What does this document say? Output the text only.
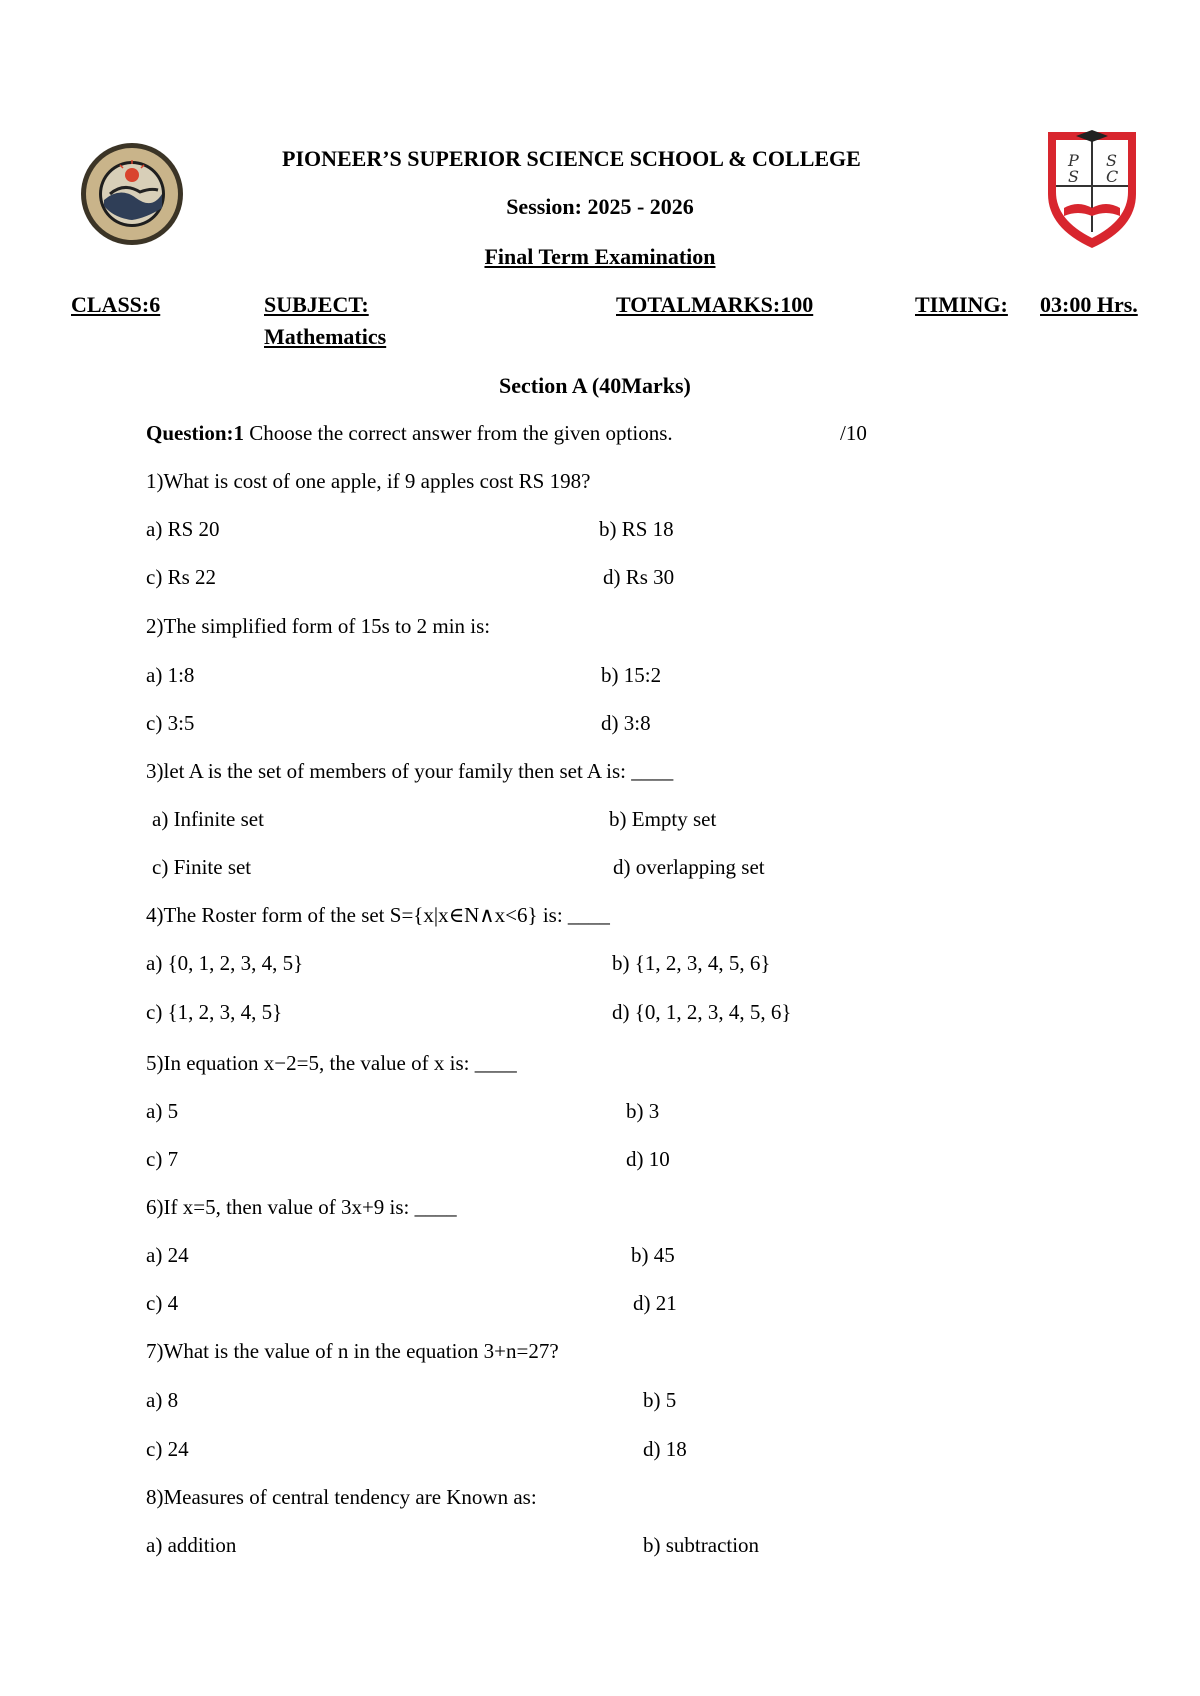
P S
S C
PIONEER’S SUPERIOR SCIENCE SCHOOL & COLLEGE
Session: 2025 - 2026
Final Term Examination
CLASS:6	SUBJECT:
Mathematics
TOTALMARKS:100	TIMING: 03:00 Hrs.
Section A (40Marks)
Question:1 Choose the correct answer from the given options.	/10
1)What is cost of one apple, if 9 apples cost RS 198?
a) RS 20	b) RS 18
c) Rs 22	d) Rs 30
2)The simplified form of 15s to 2 min is:
a) 1:8	b) 15:2
c) 3:5	d) 3:8
3)let A is the set of members of your family then set A is: ____
a) Infinite set	b) Empty set
c) Finite set	d) overlapping set
4)The Roster form of the set S={x|x∈N∧x<6} is: ____
a) {0, 1, 2, 3, 4, 5}	b) {1, 2, 3, 4, 5, 6}
c) {1, 2, 3, 4, 5}	d) {0, 1, 2, 3, 4, 5, 6}
5)In equation x−2=5, the value of x is: ____
a) 5	b) 3
c) 7	d) 10
6)If x=5, then value of 3x+9 is: ____
a) 24	b) 45
c) 4	d) 21
7)What is the value of n in the equation 3+n=27?
a) 8	b) 5
c) 24	d) 18
8)Measures of central tendency are Known as:
a) addition	b) subtraction
